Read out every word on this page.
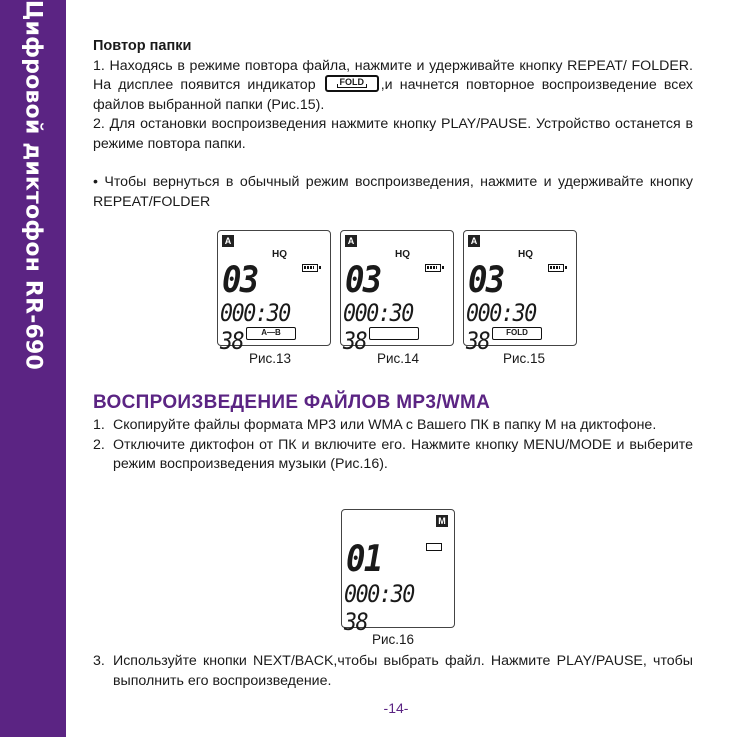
Цифровой диктофон RR-690	Повтор папки
1. Находясь в режиме повтора файла, нажмите и удерживайте кнопку REPEAT/ FOLDER. На дисплее появится индикатор	FOLD ,и начнется повторное воспроизведение всех файлов выбранной папки (Рис.15).
2. Для остановки воспроизведения нажмите кнопку PLAY/PAUSE. Устройство останется в режиме повтора папки.
• Чтобы вернуться в обычный режим воспроизведения, нажмите и удерживайте кнопку REPEAT/FOLDER
A
HQ
03
000:30 38	A—B
A
HQ
03
000:30 38
A
HQ
03
000:30 38	FOLD
Рис.13	Рис.14	Рис.15
ВОСПРОИЗВЕДЕНИЕ ФАЙЛОВ MP3/WMA
1. Скопируйте файлы формата MP3 или WMA с Вашего ПК в папку M на диктофоне.
2. Отключите диктофон от ПК и включите его. Нажмите кнопку MENU/MODE и выберите режим воспроизведения музыки (Рис.16).
M
01
000:30 38
Рис.16
3. Используйте кнопки NEXT/BACK,чтобы выбрать файл. Нажмите PLAY/PAUSE, чтобы выполнить его воспроизведение.
-14-
